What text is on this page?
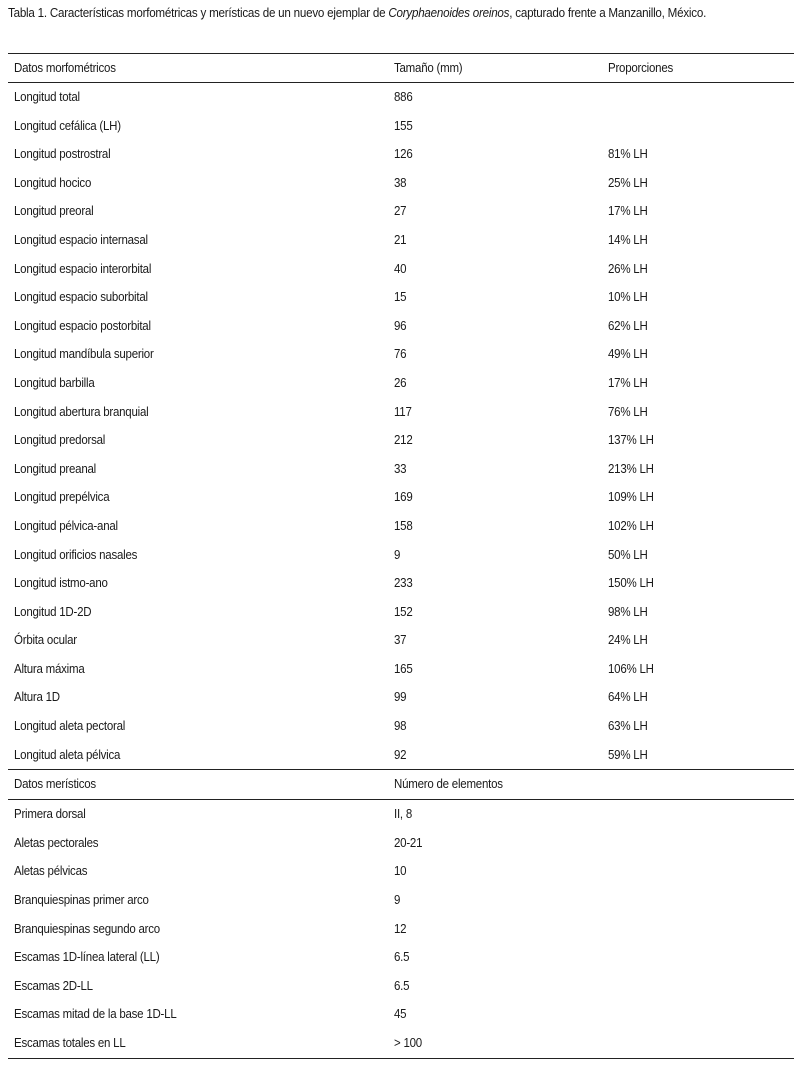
Tabla 1. Características morfométricas y merísticas de un nuevo ejemplar de Coryphaenoides oreinos, capturado frente a Manzanillo, México.
Datos morfométricos	Tamaño (mm)	Proporciones
Longitud total	886	
Longitud cefálica (LH)	155	
Longitud postrostral	126	81% LH
Longitud hocico	38	25% LH
Longitud preoral	27	17% LH
Longitud espacio internasal	21	14% LH
Longitud espacio interorbital	40	26% LH
Longitud espacio suborbital	15	10% LH
Longitud espacio postorbital	96	62% LH
Longitud mandíbula superior	76	49% LH
Longitud barbilla	26	17% LH
Longitud abertura branquial	117	76% LH
Longitud predorsal	212	137% LH
Longitud preanal	33	213% LH
Longitud prepélvica	169	109% LH
Longitud pélvica-anal	158	102% LH
Longitud orificios nasales	9	50% LH
Longitud istmo-ano	233	150% LH
Longitud 1D-2D	152	98% LH
Órbita ocular	37	24% LH
Altura máxima	165	106% LH
Altura 1D	99	64% LH
Longitud aleta pectoral	98	63% LH
Longitud aleta pélvica	92	59% LH
Datos merísticos	Número de elementos	
Primera dorsal	II, 8	
Aletas pectorales	20-21	
Aletas pélvicas	10	
Branquiespinas primer arco	9	
Branquiespinas segundo arco	12	
Escamas 1D-línea lateral (LL)	6.5	
Escamas 2D-LL	6.5	
Escamas mitad de la base 1D-LL	45	
Escamas totales en LL	> 100	
